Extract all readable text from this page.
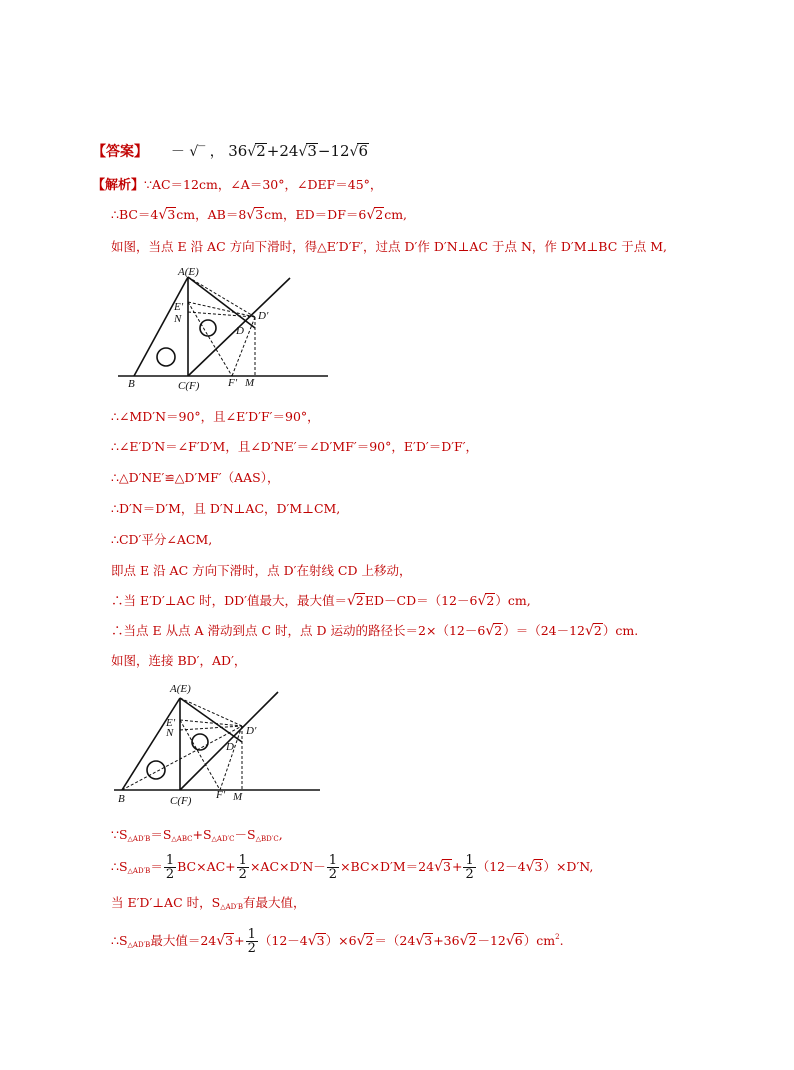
【答案】 － √‾ ， 36√2+24√3−12√6
【解析】∵AC＝12cm，∠A＝30°，∠DEF＝45°，
∴BC＝4√3cm，AB＝8√3cm，ED＝DF＝6√2cm,
如图，当点 E 沿 AC 方向下滑时，得△E′D′F′，过点 D′作 D′N⊥AC 于点 N，作 D′M⊥BC 于点 M,
A(E)
E′
N	D′
D
B	C(F)	F′ M
∴∠MD′N＝90°，且∠E′D′F′＝90°，
∴∠E′D′N＝∠F′D′M，且∠D′NE′＝∠D′MF′＝90°，E′D′＝D′F′，
∴△D′NE′≌△D′MF′（AAS），
∴D′N＝D′M，且 D′N⊥AC，D′M⊥CM,
∴CD′平分∠ACM,
即点 E 沿 AC 方向下滑时，点 D′在射线 CD 上移动，
∴当 E′D′⊥AC 时，DD′值最大，最大值＝√2ED－CD＝（12－6√2）cm,
∴当点 E 从点 A 滑动到点 C 时，点 D 运动的路径长＝2×（12－6√2）＝（24－12√2）cm.
如图，连接 BD′，AD′，
A(E)
E′
N	D′
D
B	C(F) F′ M
$\because S_{\triangle AD'B}=S_{\triangle ABC}+S_{\triangle AD'C}-S_{\triangle BD'C}$,
$\therefore S_{\triangle AD'B}= \frac{1}{2} BC\times AC+ \frac{1}{2} \times AC\times D'N- \frac{1}{2} \times BC\times D'M=24√3+ \frac{1}{2} (12-4√3)\times D'N$,
当 E′D′⊥AC 时，$S_{\triangle AD'B}$有最大值，
$\therefore S_{\triangle AD'B}$最大值$=24√3+ \frac{1}{2} (12-4√3)\times 6√2=(24√3+36√2-12√6)cm^2$.
